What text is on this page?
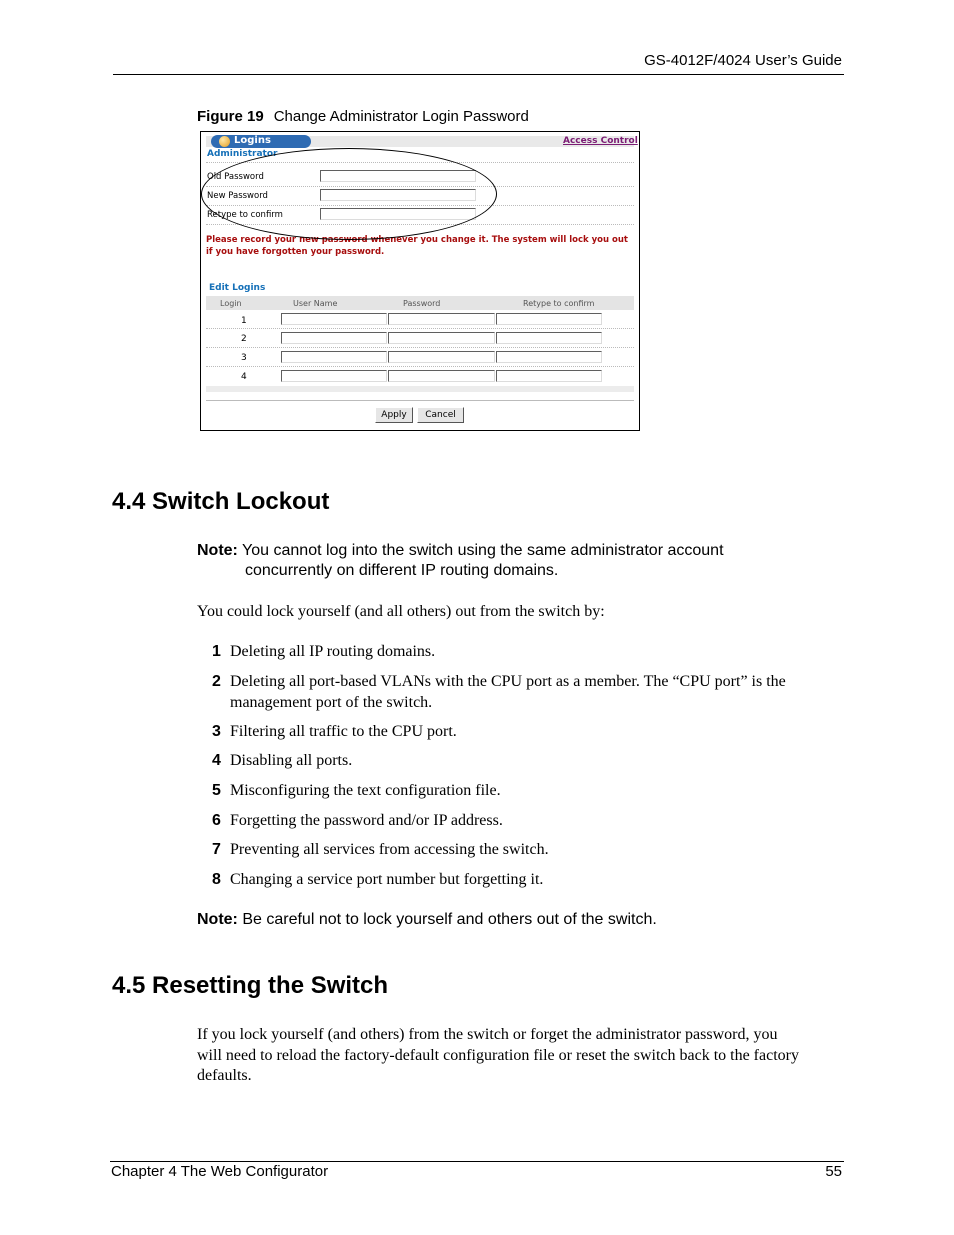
GS-4012F/4024 User’s Guide
Figure 19 Change Administrator Login Password
Logins	Access Control
Administrator
Old Password
New Password
Retype to confirm
Please record your new password whenever you change it. The system will lock you out if you have forgotten your password.
Edit Logins
Login	User Name	Password	Retype to confirm
1
2
3
4
Apply	Cancel
4.4 Switch Lockout
Note: You cannot log into the switch using the same administrator account
concurrently on different IP routing domains.
You could lock yourself (and all others) out from the switch by:
1 Deleting all IP routing domains.
2 Deleting all port-based VLANs with the CPU port as a member. The “CPU port” is the management port of the switch.
3 Filtering all traffic to the CPU port.
4 Disabling all ports.
5 Misconfiguring the text configuration file.
6 Forgetting the password and/or IP address.
7 Preventing all services from accessing the switch.
8 Changing a service port number but forgetting it.
Note: Be careful not to lock yourself and others out of the switch.
4.5 Resetting the Switch
If you lock yourself (and others) from the switch or forget the administrator password, you
will need to reload the factory-default configuration file or reset the switch back to the factory
defaults.
Chapter 4 The Web Configurator	55
